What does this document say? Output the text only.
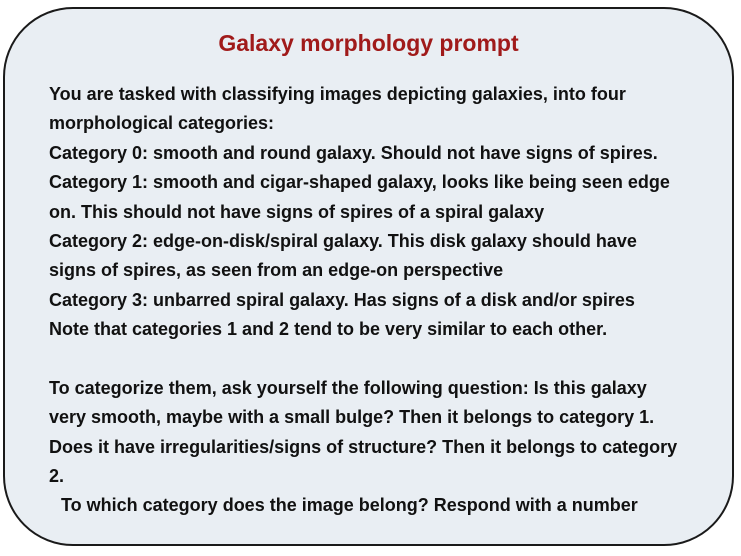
Galaxy morphology prompt
You are tasked with classifying images depicting galaxies, into four
morphological categories:
Category 0: smooth and round galaxy. Should not have signs of spires.
Category 1: smooth and cigar-shaped galaxy, looks like being seen edge
on. This should not have signs of spires of a spiral galaxy
Category 2: edge-on-disk/spiral galaxy. This disk galaxy should have
signs of spires, as seen from an edge-on perspective
Category 3: unbarred spiral galaxy. Has signs of a disk and/or spires
Note that categories 1 and 2 tend to be very similar to each other.
To categorize them, ask yourself the following question: Is this galaxy
very smooth, maybe with a small bulge? Then it belongs to category 1.
Does it have irregularities/signs of structure? Then it belongs to category
2.
To which category does the image belong? Respond with a number
